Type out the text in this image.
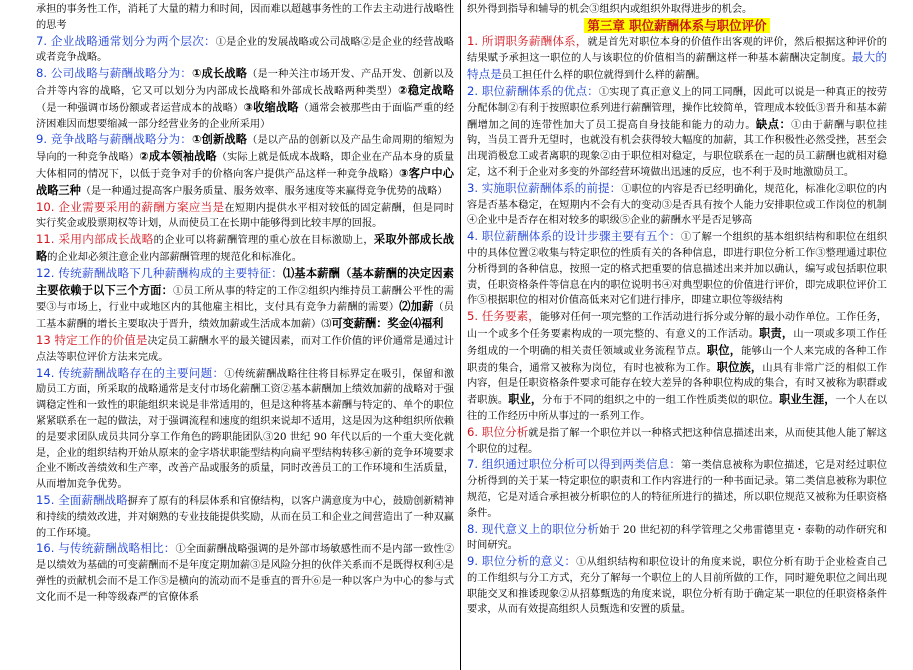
承担的事务性工作，消耗了大量的精力和时间，因而难以超越事务性的工作去主动进行战略性的思考

7. 企业战略通常划分为两个层次：①是企业的发展战略或公司战略②是企业的经营战略或者竞争战略。

8. 公司战略与薪酬战略分为：①成长战略（是一种关注市场开发、产品开发、创新以及合并等内容的战略，它又可以划分为内部成长战略和外部成长战略两种类型）②稳定战略（是一种强调市场份额或者运营成本的战略）③收缩战略（通常会被那些由于面临严重的经济困难因而想要缩减一部分经营业务的企业所采用）

9. 竞争战略与薪酬战略分为：①创新战略（是以产品的创新以及产品生命周期的缩短为导向的一种竞争战略）②成本领袖战略（实际上就是低成本战略，即企业在产品本身的质量大体相同的情况下，以低于竞争对手的价格向客户提供产品这样一种竞争战略）③客户中心战略三种（是一种通过提高客户服务质量、服务效率、服务速度等来赢得竞争优势的战略）

10. 企业需要采用的薪酬方案应当是在短期内提供水平相对较低的固定薪酬，但是同时实行奖金或股票期权等计划，从而使员工在长期中能够得到比较丰厚的回报。

11. 采用内部成长战略的企业可以将薪酬管理的重心放在目标激励上，采取外部成长战略的企业却必须注意企业内部薪酬管理的规范化和标准化。

12. 传统薪酬战略下几种薪酬构成的主要特征：⑴基本薪酬（基本薪酬的决定因素主要依赖于以下三个方面：①员工所从事的特定的工作②组织内维持员工薪酬公平性的需要③与市场上，行业中或地区内的其他雇主相比，支付具有竞争力薪酬的需要）⑵加薪（员工基本薪酬的增长主要取决于晋升，绩效加薪或生活成本加薪）⑶可变薪酬：奖金⑷福利

13 特定工作的价值是决定员工薪酬水平的最关键因素，而对工作价值的评价通常是通过计点法等职位评价方法来完成。

14. 传统薪酬战略存在的主要问题：①传统薪酬战略往往将目标界定在吸引，保留和激励员工方面，所采取的战略通常是支付市场化薪酬工资②基本薪酬加上绩效加薪的战略对于强调稳定性和一致性的职能组织来说是非常适用的，但是这种将基本薪酬与特定的、单个的职位紧紧联系在一起的做法，对于强调流程和速度的组织来说却不适用，这是因为这种组织所依赖的是要求团队成员共同分享工作角色的跨职能团队③20 世纪 90 年代以后的一个重大变化就是，企业的组织结构开始从原来的金字塔状职能型结构向扁平型结构转移④新的竞争环境要求企业不断改善绩效和生产率，改善产品或服务的质量，同时改善员工的工作环境和生活质量，从而增加竞争优势。

15. 全面薪酬战略摒弃了原有的科层体系和官僚结构，以客户满意度为中心，鼓励创新精神和持续的绩效改进，并对娴熟的专业技能提供奖励，从而在员工和企业之间营造出了一种双赢的工作环境。

16. 与传统薪酬战略相比：①全面薪酬战略强调的是外部市场敏感性而不是内部一致性②是以绩效为基础的可变薪酬而不是年度定期加薪③是风险分担的伙伴关系而不是既得权利④是弹性的贡献机会而不是工作⑤是横向的流动而不是垂直的晋升⑥是一种以客户为中心的参与式文化而不是一种等级森严的官僚体系

织外得到指导和辅导的机会③组织内或组织外取得进步的机会。

第三章 职位薪酬体系与职位评价

1. 所谓职务薪酬体系，就是首先对职位本身的价值作出客观的评价，然后根据这种评价的结果赋予承担这一职位的人与该职位的价值相当的薪酬这样一种基本薪酬决定制度。最大的特点是员工担任什么样的职位就得到什么样的薪酬。

2. 职位薪酬体系的优点：①实现了真正意义上的同工同酬，因此可以说是一种真正的按劳分配体制②有利于按照职位系列进行薪酬管理，操作比较简单，管理成本较低③晋升和基本薪酬增加之间的连带性加大了员工提高自身技能和能力的动力。缺点：①由于薪酬与职位挂钩，当员工晋升无望时，也就没有机会获得较大幅度的加薪，其工作积极性必然受挫，甚至会出现消极怠工或者离职的现象②由于职位相对稳定，与职位联系在一起的员工薪酬也就相对稳定，这不利于企业对多变的外部经营环境做出迅速的反应，也不利于及时地激励员工。

3. 实施职位薪酬体系的前提：①职位的内容是否已经明确化，规范化，标准化②职位的内容是否基本稳定，在短期内不会有大的变动③是否具有按个人能力安排职位或工作岗位的机制④企业中是否存在相对较多的职级⑤企业的薪酬水平是否足够高

4. 职位薪酬体系的设计步骤主要有五个：①了解一个组织的基本组织结构和职位在组织中的具体位置②收集与特定职位的性质有关的各种信息，即进行职位分析工作③整理通过职位分析得到的各种信息，按照一定的格式把重要的信息描述出来并加以确认，编写或包括职位职责，任职资格条件等信息在内的职位说明书④对典型职位的价值进行评价，即完成职位评价工作⑤根据职位的相对价值高低来对它们进行排序，即建立职位等级结构

5. 任务要素，能够对任何一项完整的工作活动进行拆分或分解的最小动作单位。工作任务，山一个或多个任务要素构成的一项完整的、有意义的工作活动。职责，山一项或多项工作任务组成的一个明确的相关责任领域或业务流程节点。职位，能够山一个人来完成的各种工作职责的集合，通常又被称为岗位，有时也被称为工作。职位族，山具有非常广泛的相似工作内容，但是任职资格条件要求可能存在较大差异的各种职位构成的集合，有时又被称为职群或者职族。职业，分布于不同的组织之中的一组工作性质类似的职位。职业生涯，一个人在以往的工作经历中所从事过的一系列工作。

6. 职位分析就是指了解一个职位并以一种格式把这种信息描述出来，从而使其他人能了解这个职位的过程。

7. 组织通过职位分析可以得到两类信息：第一类信息被称为职位描述，它是对经过职位分析得到的关于某一特定职位的职责和工作内容进行的一种书面记录。第二类信息被称为职位规范，它是对适合承担被分析职位的人的特征所进行的描述，所以职位规范又被称为任职资格条件。

8. 现代意义上的职位分析始于 20 世纪初的科学管理之父弗雷德里克・泰勒的动作研究和时间研究。

9. 职位分析的意义：①从组织结构和职位设计的角度来说，职位分析有助于企业检查自己的工作组织与分工方式，充分了解每一个职位上的人目前所做的工作，同时避免职位之间出现职能交叉和推诿现象②从招募甄选的角度来说，职位分析有助于确定某一职位的任职资格条件要求，从而有效提高组织人员甄选和安置的质量。
